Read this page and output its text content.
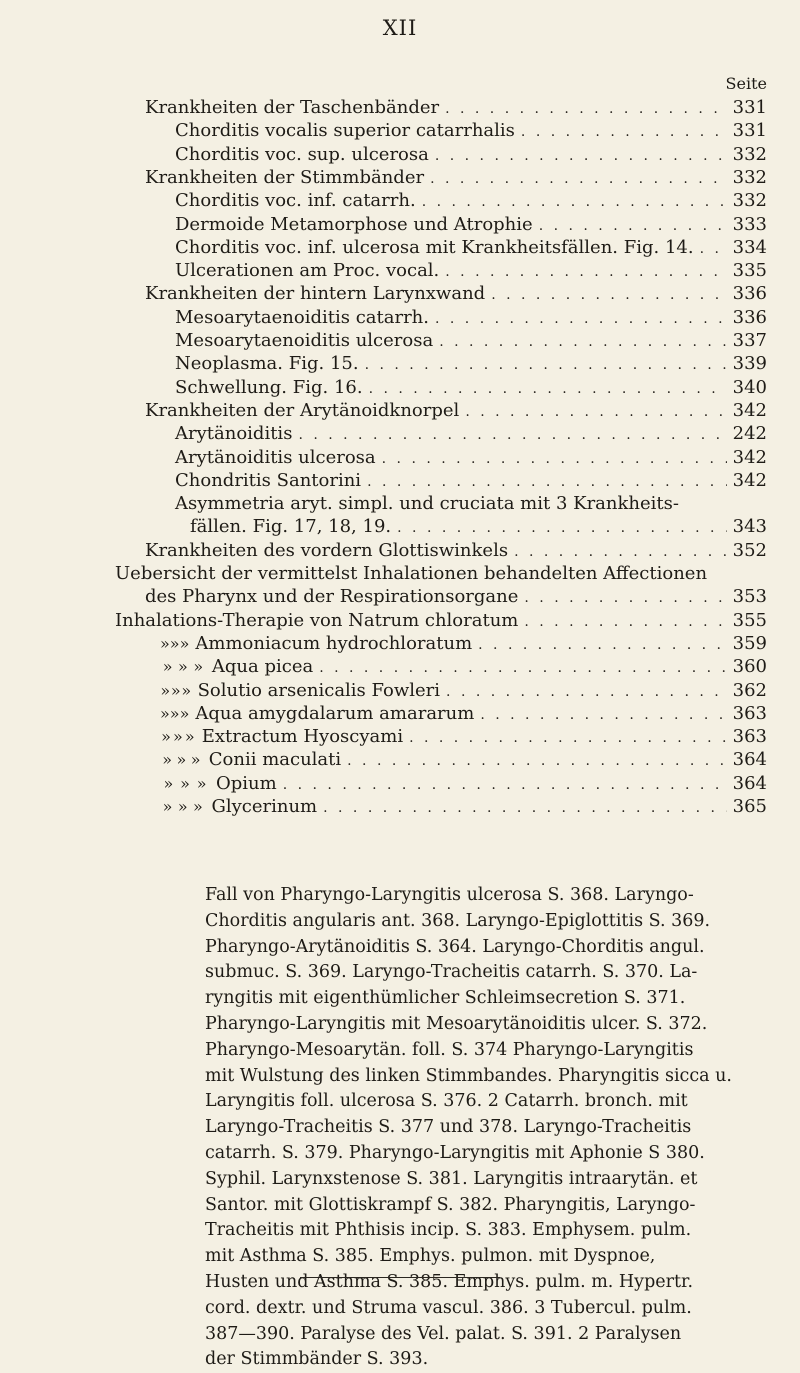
XII
Seite
Krankheiten der Taschenbänder . . .	331
Chorditis vocalis superior catarrhalis . . .	331
Chorditis voc. sup. ulcerosa . . .	332
Krankheiten der Stimmbänder . . .	332
Chorditis voc. inf. catarrh. . . .	332
Dermoide Metamorphose und Atrophie . . .	333
Chorditis voc. inf. ulcerosa mit Krankheitsfällen. Fig. 14. . . . 334
Ulcerationen am Proc. vocal. . . .	335
Krankheiten der hintern Larynxwand . . .	336
Mesoarytaenoiditis catarrh. . . .	336
Mesoarytaenoiditis ulcerosa . . .	337
Neoplasma. Fig. 15. . . .	339
Schwellung. Fig. 16. . . .	340
Krankheiten der Arytänoidknorpel . . .	342
Arytänoiditis . . .	242
Arytänoiditis ulcerosa . . .	342
Chondritis Santorini . . .	342
Asymmetria aryt. simpl. und cruciata mit 3 Krankheits-
fällen. Fig. 17, 18, 19. . . .	343
Krankheiten des vordern Glottiswinkels . . .	352
Uebersicht der vermittelst Inhalationen behandelten Affectionen
des Pharynx und der Respirationsorgane . . .	353
Inhalations-Therapie von Natrum chloratum . . .	355
» » » Ammoniacum hydrochloratum . . .	359
» » » Aqua picea . . .	360
» » » Solutio arsenicalis Fowleri . . .	362
» » » Aqua amygdalarum amararum . . .	363
» » » Extractum Hyoscyami . . .	363
» » » Conii maculati . . .	364
» » » Opium . . .	364
» » » Glycerinum . . .	365
Fall von Pharyngo-Laryngitis ulcerosa S. 368. Laryngo-
Chorditis angularis ant. 368. Laryngo-Epiglottitis S. 369.
Pharyngo-Arytänoiditis S. 364. Laryngo-Chorditis angul.
submuc. S. 369. Laryngo-Tracheitis catarrh. S. 370. La-
ryngitis mit eigenthümlicher Schleimsecretion S. 371.
Pharyngo-Laryngitis mit Mesoarytänoiditis ulcer. S. 372.
Pharyngo-Mesoarytän. foll. S. 374 Pharyngo-Laryngitis
mit Wulstung des linken Stimmbandes. Pharyngitis sicca u.
Laryngitis foll. ulcerosa S. 376. 2 Catarrh. bronch. mit
Laryngo-Tracheitis S. 377 und 378. Laryngo-Tracheitis
catarrh. S. 379. Pharyngo-Laryngitis mit Aphonie S 380.
Syphil. Larynxstenose S. 381. Laryngitis intraarytän. et
Santor. mit Glottiskrampf S. 382. Pharyngitis, Laryngo-
Tracheitis mit Phthisis incip. S. 383. Emphysem. pulm.
mit Asthma S. 385. Emphys. pulmon. mit Dyspnoe,
Husten und Asthma S. 385. Emphys. pulm. m. Hypertr.
cord. dextr. und Struma vascul. 386. 3 Tubercul. pulm.
387—390. Paralyse des Vel. palat. S. 391. 2 Paralysen
der Stimmbänder S. 393.
